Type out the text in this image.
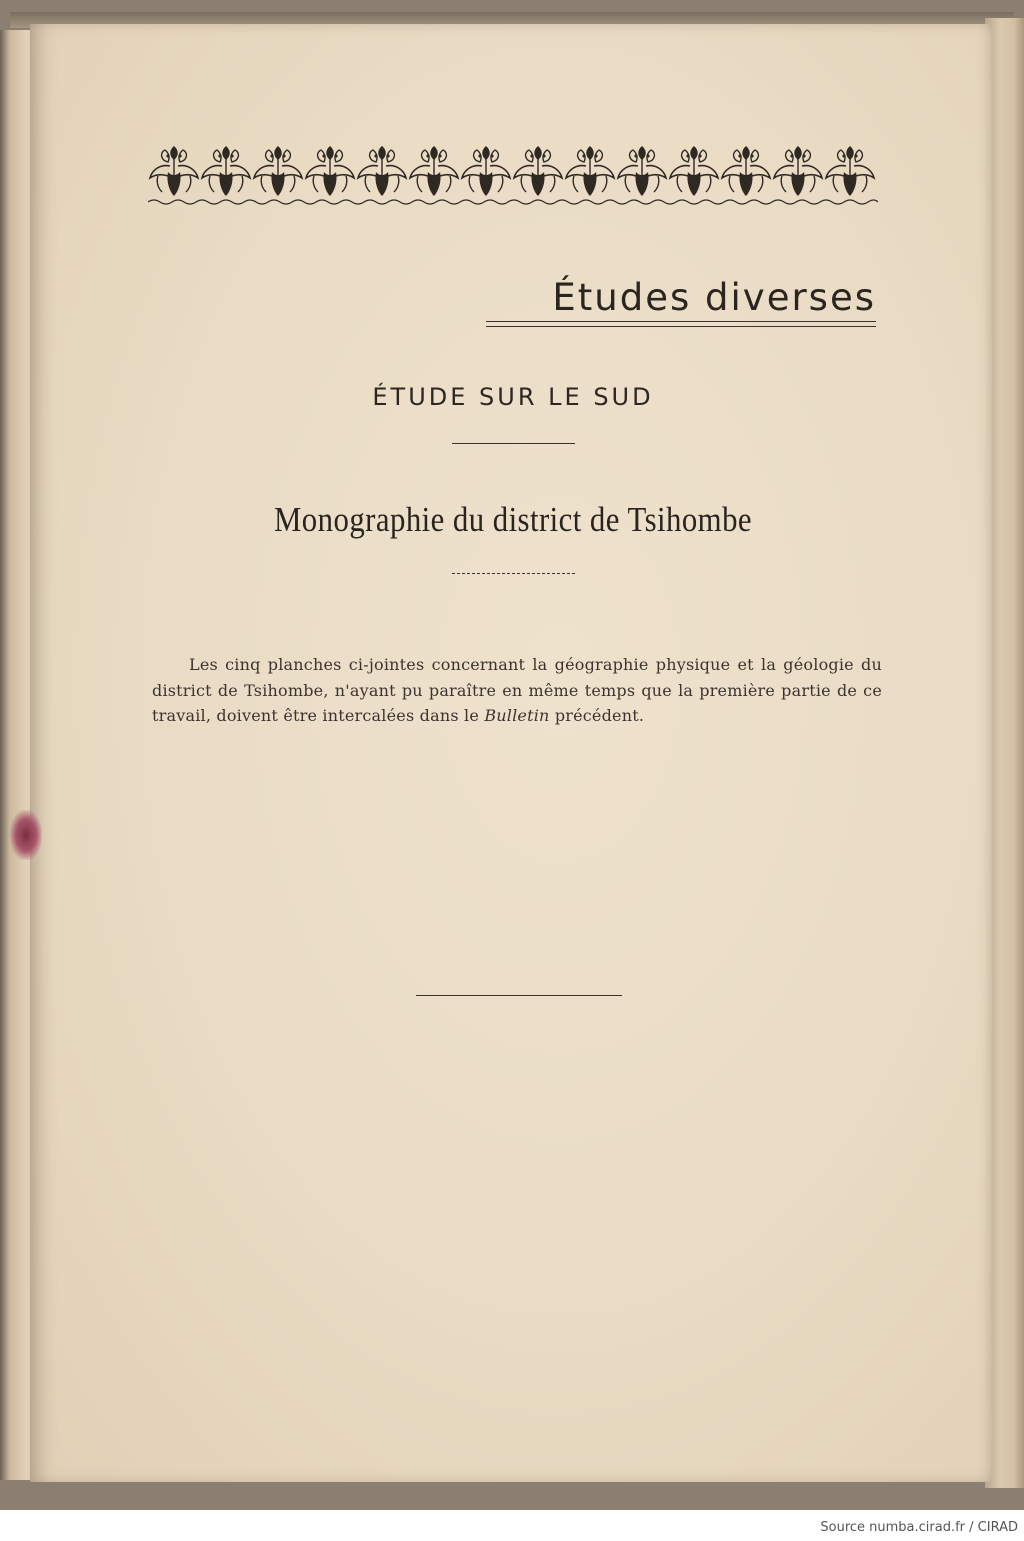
Études diverses
ÉTUDE SUR LE SUD
Monographie du district de Tsihombe

Les cinq planches ci-jointes concernant la géographie physique et la géologie du district de Tsihombe, n'ayant pu paraître en même temps que la première partie de ce travail, doivent être intercalées dans le Bulletin précédent.

Source numba.cirad.fr / CIRAD
